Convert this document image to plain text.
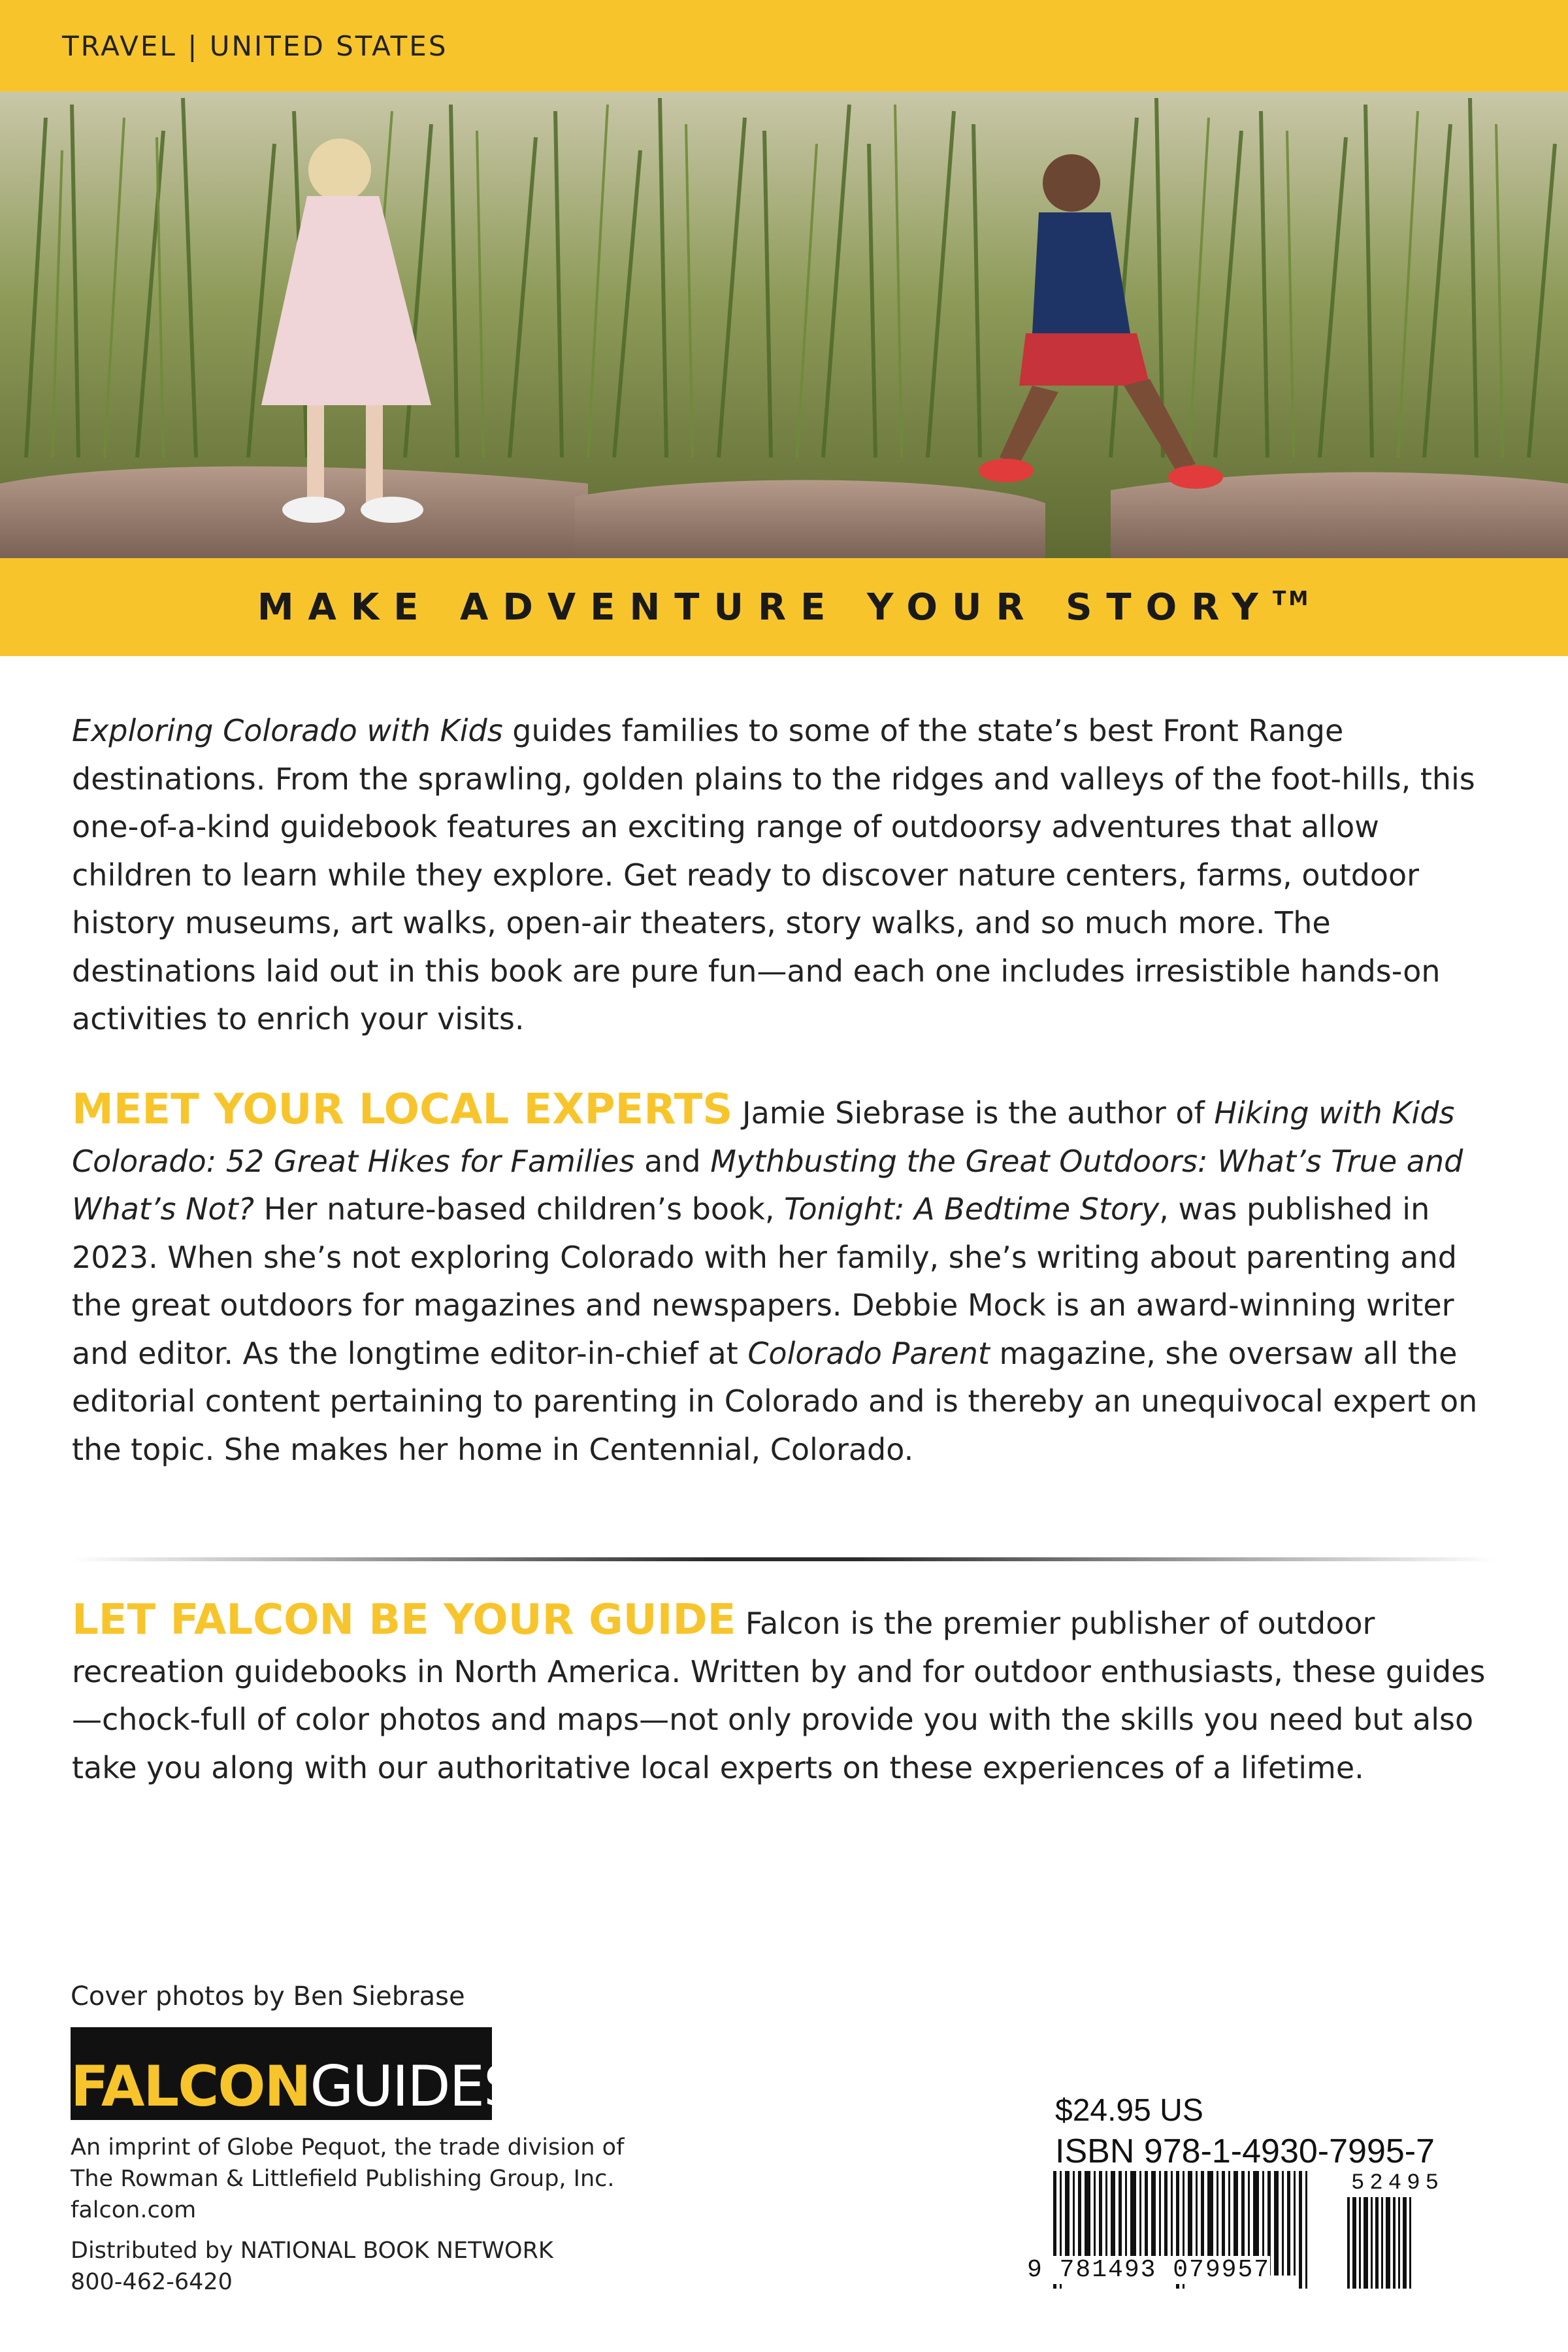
TRAVEL | UNITED STATES
MAKE ADVENTURE YOUR STORY™

Exploring Colorado with Kids guides families to some of the state’s best Front Range destinations. From the sprawling, golden plains to the ridges and valleys of the foot-hills, this one-of-a-kind guidebook features an exciting range of outdoorsy adventures that allow children to learn while they explore. Get ready to discover nature centers, farms, outdoor history museums, art walks, open-air theaters, story walks, and so much more. The destinations laid out in this book are pure fun—and each one includes irresistible hands-on activities to enrich your visits.

MEET YOUR LOCAL EXPERTS Jamie Siebrase is the author of Hiking with Kids Colorado: 52 Great Hikes for Families and Mythbusting the Great Outdoors: What’s True and What’s Not? Her nature-based children’s book, Tonight: A Bedtime Story, was published in 2023. When she’s not exploring Colorado with her family, she’s writing about parenting and the great outdoors for magazines and newspapers. Debbie Mock is an award-winning writer and editor. As the longtime editor-in-chief at Colorado Parent magazine, she oversaw all the editorial content pertaining to parenting in Colorado and is thereby an unequivocal expert on the topic. She makes her home in Centennial, Colorado.

LET FALCON BE YOUR GUIDE Falcon is the premier publisher of outdoor recreation guidebooks in North America. Written by and for outdoor enthusiasts, these guides—chock-full of color photos and maps—not only provide you with the skills you need but also take you along with our authoritative local experts on these experiences of a lifetime.

Cover photos by Ben Siebrase
FALCONGUIDES®

An imprint of Globe Pequot, the trade division of
The Rowman & Littlefield Publishing Group, Inc.
falcon.com

Distributed by NATIONAL BOOK NETWORK
800-462-6420

$24.95 US
ISBN 978-1-4930-7995-7
52495
9 781493 079957
